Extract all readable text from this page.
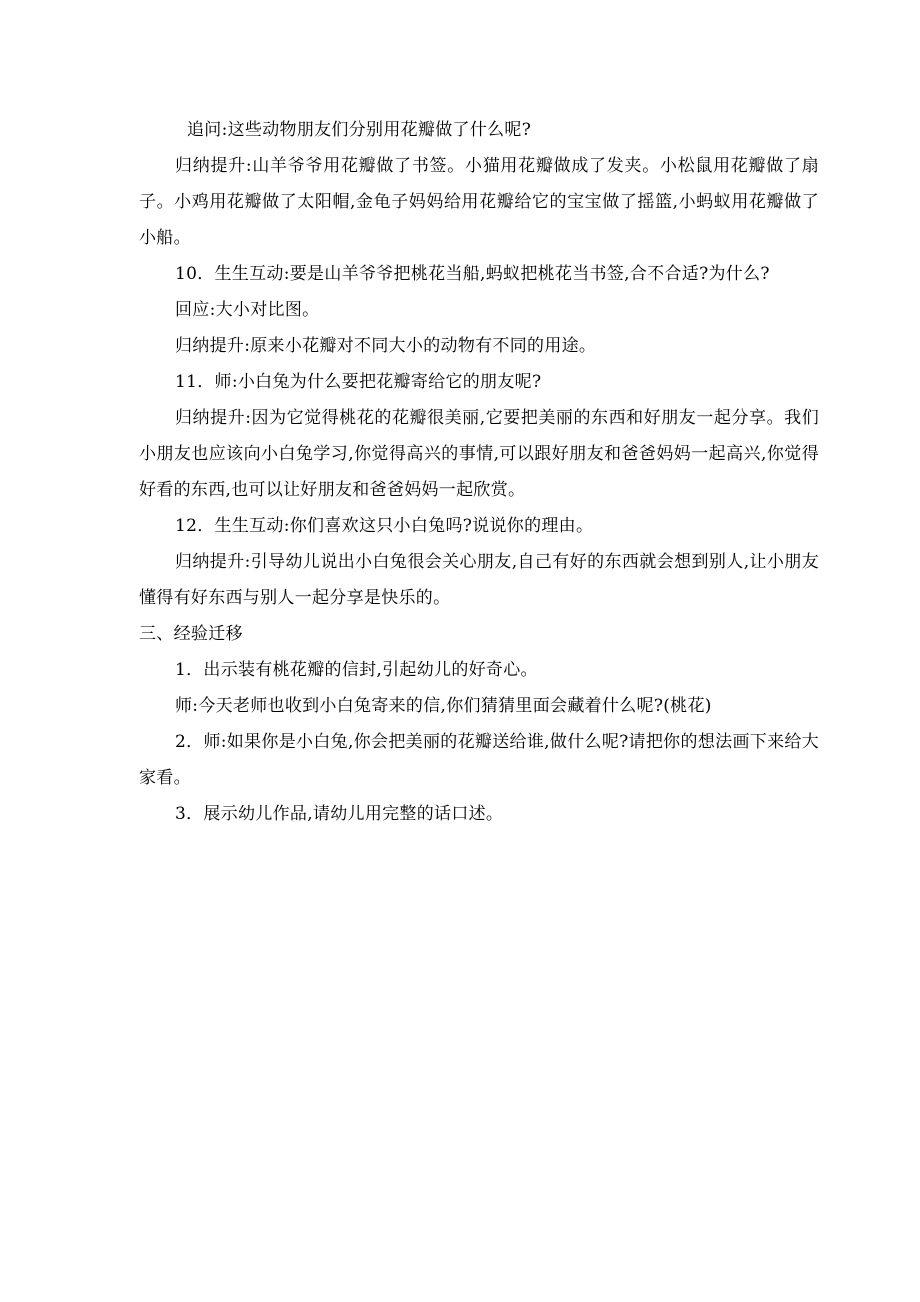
追问:这些动物朋友们分别用花瓣做了什么呢?

归纳提升:山羊爷爷用花瓣做了书签。小猫用花瓣做成了发夹。小松鼠用花瓣做了扇子。小鸡用花瓣做了太阳帽,金龟子妈妈给用花瓣给它的宝宝做了摇篮,小蚂蚁用花瓣做了小船。

10．生生互动:要是山羊爷爷把桃花当船,蚂蚁把桃花当书签,合不合适?为什么?

回应:大小对比图。

归纳提升:原来小花瓣对不同大小的动物有不同的用途。

11．师:小白兔为什么要把花瓣寄给它的朋友呢?

归纳提升:因为它觉得桃花的花瓣很美丽,它要把美丽的东西和好朋友一起分享。我们小朋友也应该向小白兔学习,你觉得高兴的事情,可以跟好朋友和爸爸妈妈一起高兴,你觉得好看的东西,也可以让好朋友和爸爸妈妈一起欣赏。

12．生生互动:你们喜欢这只小白兔吗?说说你的理由。

归纳提升:引导幼儿说出小白兔很会关心朋友,自己有好的东西就会想到别人,让小朋友懂得有好东西与别人一起分享是快乐的。

三、经验迁移

1．出示装有桃花瓣的信封,引起幼儿的好奇心。

师:今天老师也收到小白兔寄来的信,你们猜猜里面会藏着什么呢?(桃花)

2．师:如果你是小白兔,你会把美丽的花瓣送给谁,做什么呢?请把你的想法画下来给大家看。

3．展示幼儿作品,请幼儿用完整的话口述。
